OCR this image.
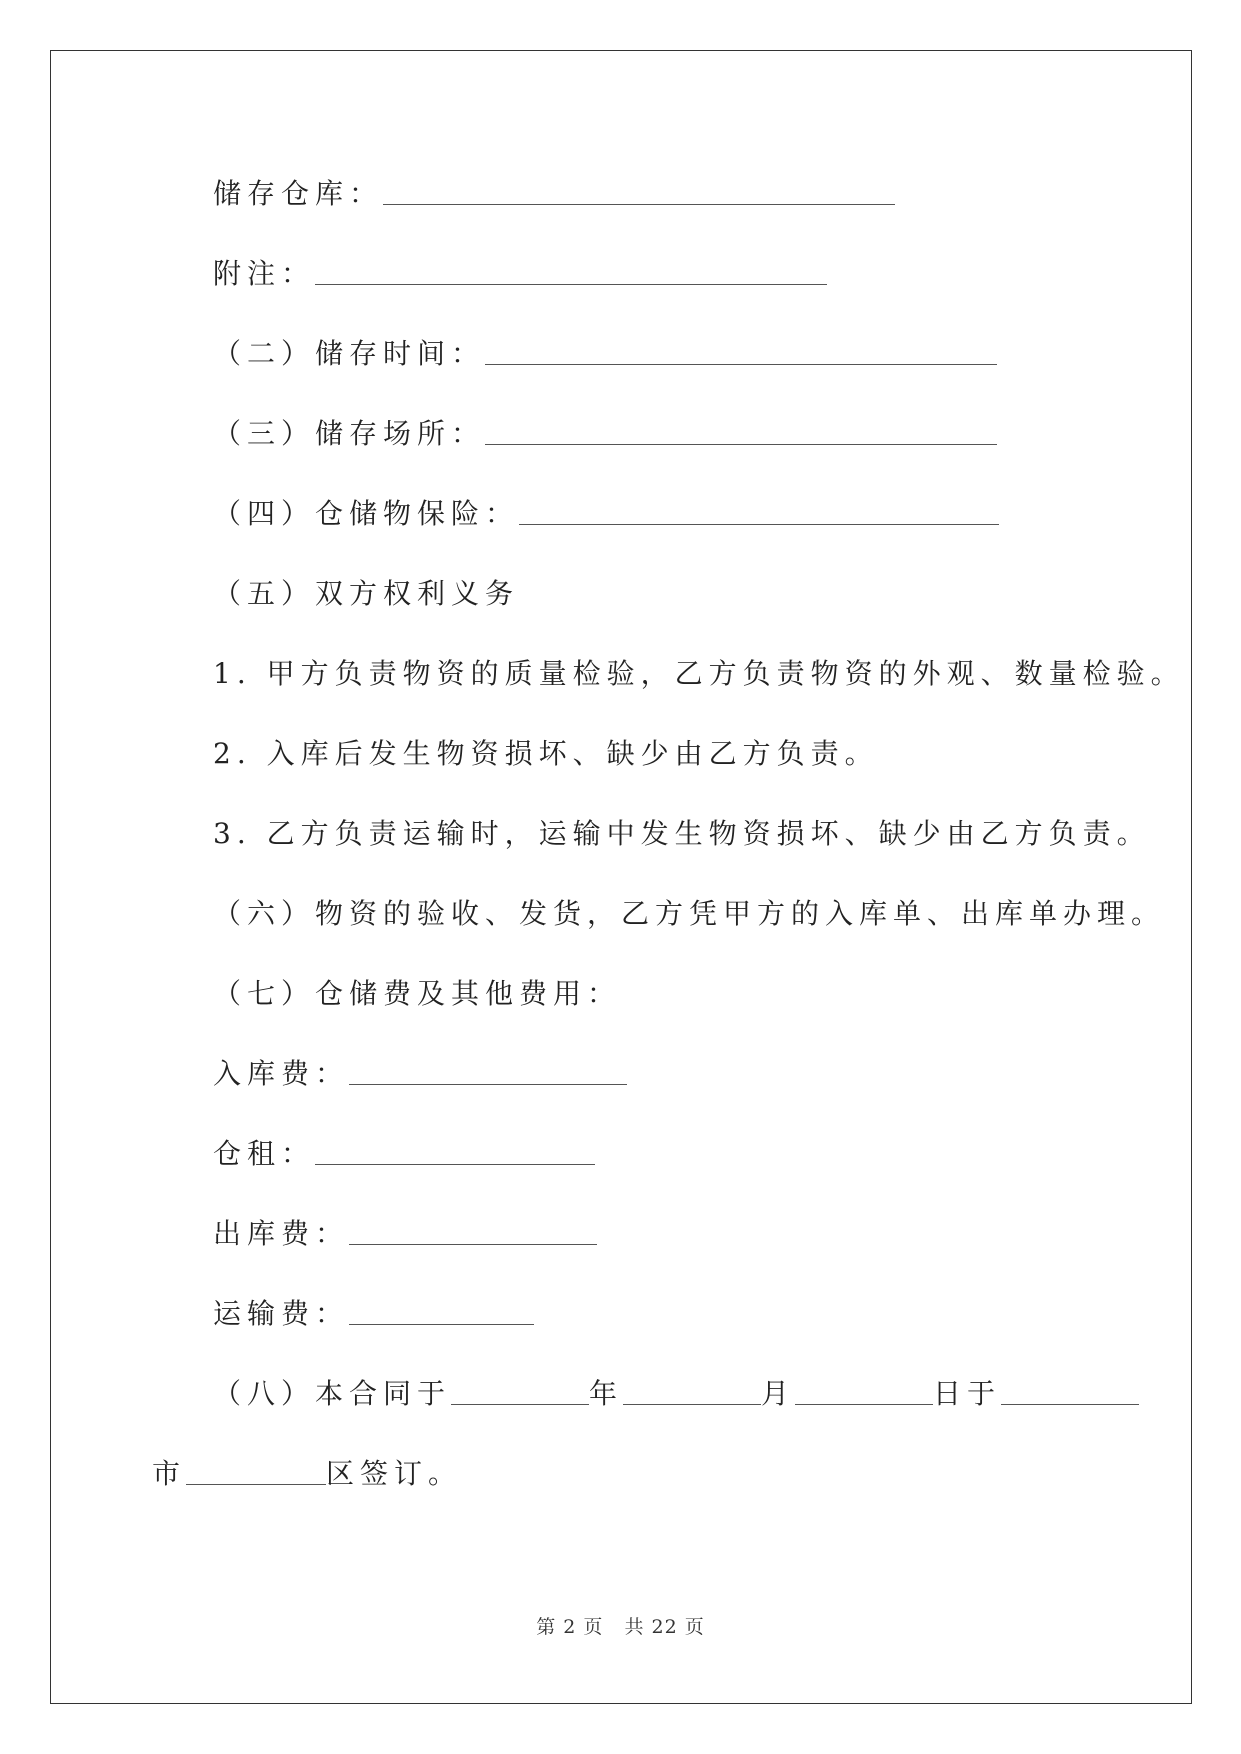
储存仓库：
附注：
（二）储存时间：
（三）储存场所：
（四）仓储物保险：
（五）双方权利义务
1. 甲方负责物资的质量检验，乙方负责物资的外观、数量检验。
2. 入库后发生物资损坏、缺少由乙方负责。
3. 乙方负责运输时，运输中发生物资损坏、缺少由乙方负责。
（六）物资的验收、发货，乙方凭甲方的入库单、出库单办理。
（七）仓储费及其他费用：
入库费：
仓租：
出库费：
运输费：
（八）本合同于	年	月	日于
市	区签订。
第 2 页 共 22 页
